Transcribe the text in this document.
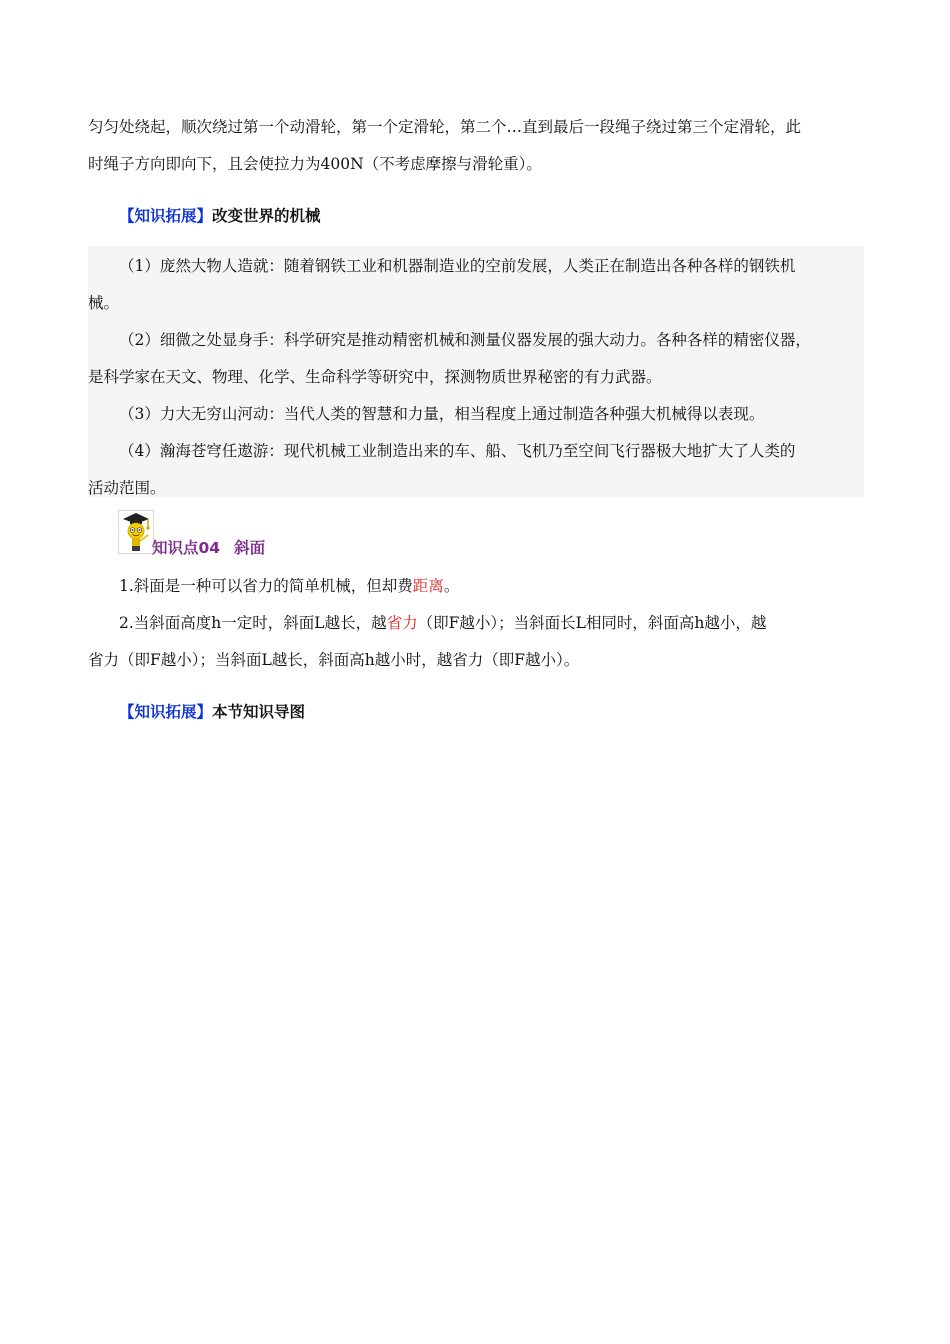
匀匀处绕起，顺次绕过第一个动滑轮，第一个定滑轮，第二个…直到最后一段绳子绕过第三个定滑轮，此
时绳子方向即向下，且会使拉力为400N（不考虑摩擦与滑轮重）。

【知识拓展】改变世界的机械

（1）庞然大物人造就：随着钢铁工业和机器制造业的空前发展，人类正在制造出各种各样的钢铁机
械。

（2）细微之处显身手：科学研究是推动精密机械和测量仪器发展的强大动力。各种各样的精密仪器，
是科学家在天文、物理、化学、生命科学等研究中，探测物质世界秘密的有力武器。

（3）力大无穷山河动：当代人类的智慧和力量，相当程度上通过制造各种强大机械得以表现。

（4）瀚海苍穹任遨游：现代机械工业制造出来的车、船、飞机乃至空间飞行器极大地扩大了人类的
活动范围。

知识点04 斜面

1.斜面是一种可以省力的简单机械，但却费距离。

2.当斜面高度h一定时，斜面L越长，越省力（即F越小）；当斜面长L相同时，斜面高h越小，越

省力（即F越小）；当斜面L越长，斜面高h越小时，越省力（即F越小）。

【知识拓展】本节知识导图
